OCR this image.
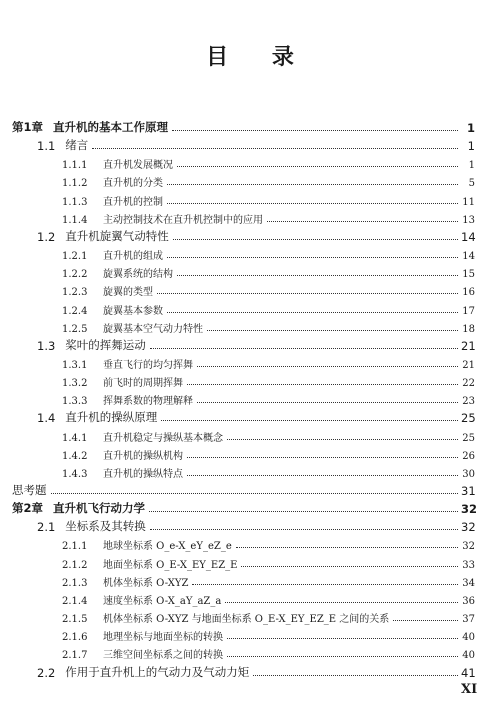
目 录
第1章 直升机的基本工作原理	1
1.1 绪言	1
1.1.1	直升机发展概况	1
1.1.2	直升机的分类	5
1.1.3	直升机的控制	11
1.1.4	主动控制技术在直升机控制中的应用	13
1.2 直升机旋翼气动特性	14
1.2.1	直升机的组成	14
1.2.2	旋翼系统的结构	15
1.2.3	旋翼的类型	16
1.2.4	旋翼基本参数	17
1.2.5	旋翼基本空气动力特性	18
1.3 桨叶的挥舞运动	21
1.3.1	垂直飞行的均匀挥舞	21
1.3.2	前飞时的周期挥舞	22
1.3.3	挥舞系数的物理解释	23
1.4 直升机的操纵原理	25
1.4.1	直升机稳定与操纵基本概念	25
1.4.2	直升机的操纵机构	26
1.4.3	直升机的操纵特点	30
思考题	31
第2章 直升机飞行动力学	32
2.1 坐标系及其转换	32
2.1.1	地球坐标系 O_e-X_eY_eZ_e	32
2.1.2	地面坐标系 O_E-X_EY_EZ_E	33
2.1.3	机体坐标系 O-XYZ	34
2.1.4	速度坐标系 O-X_aY_aZ_a	36
2.1.5	机体坐标系 O-XYZ 与地面坐标系 O_E-X_EY_EZ_E 之间的关系	37
2.1.6	地理坐标与地面坐标的转换	40
2.1.7	三维空间坐标系之间的转换	40
2.2 作用于直升机上的气动力及气动力矩	41
XI
